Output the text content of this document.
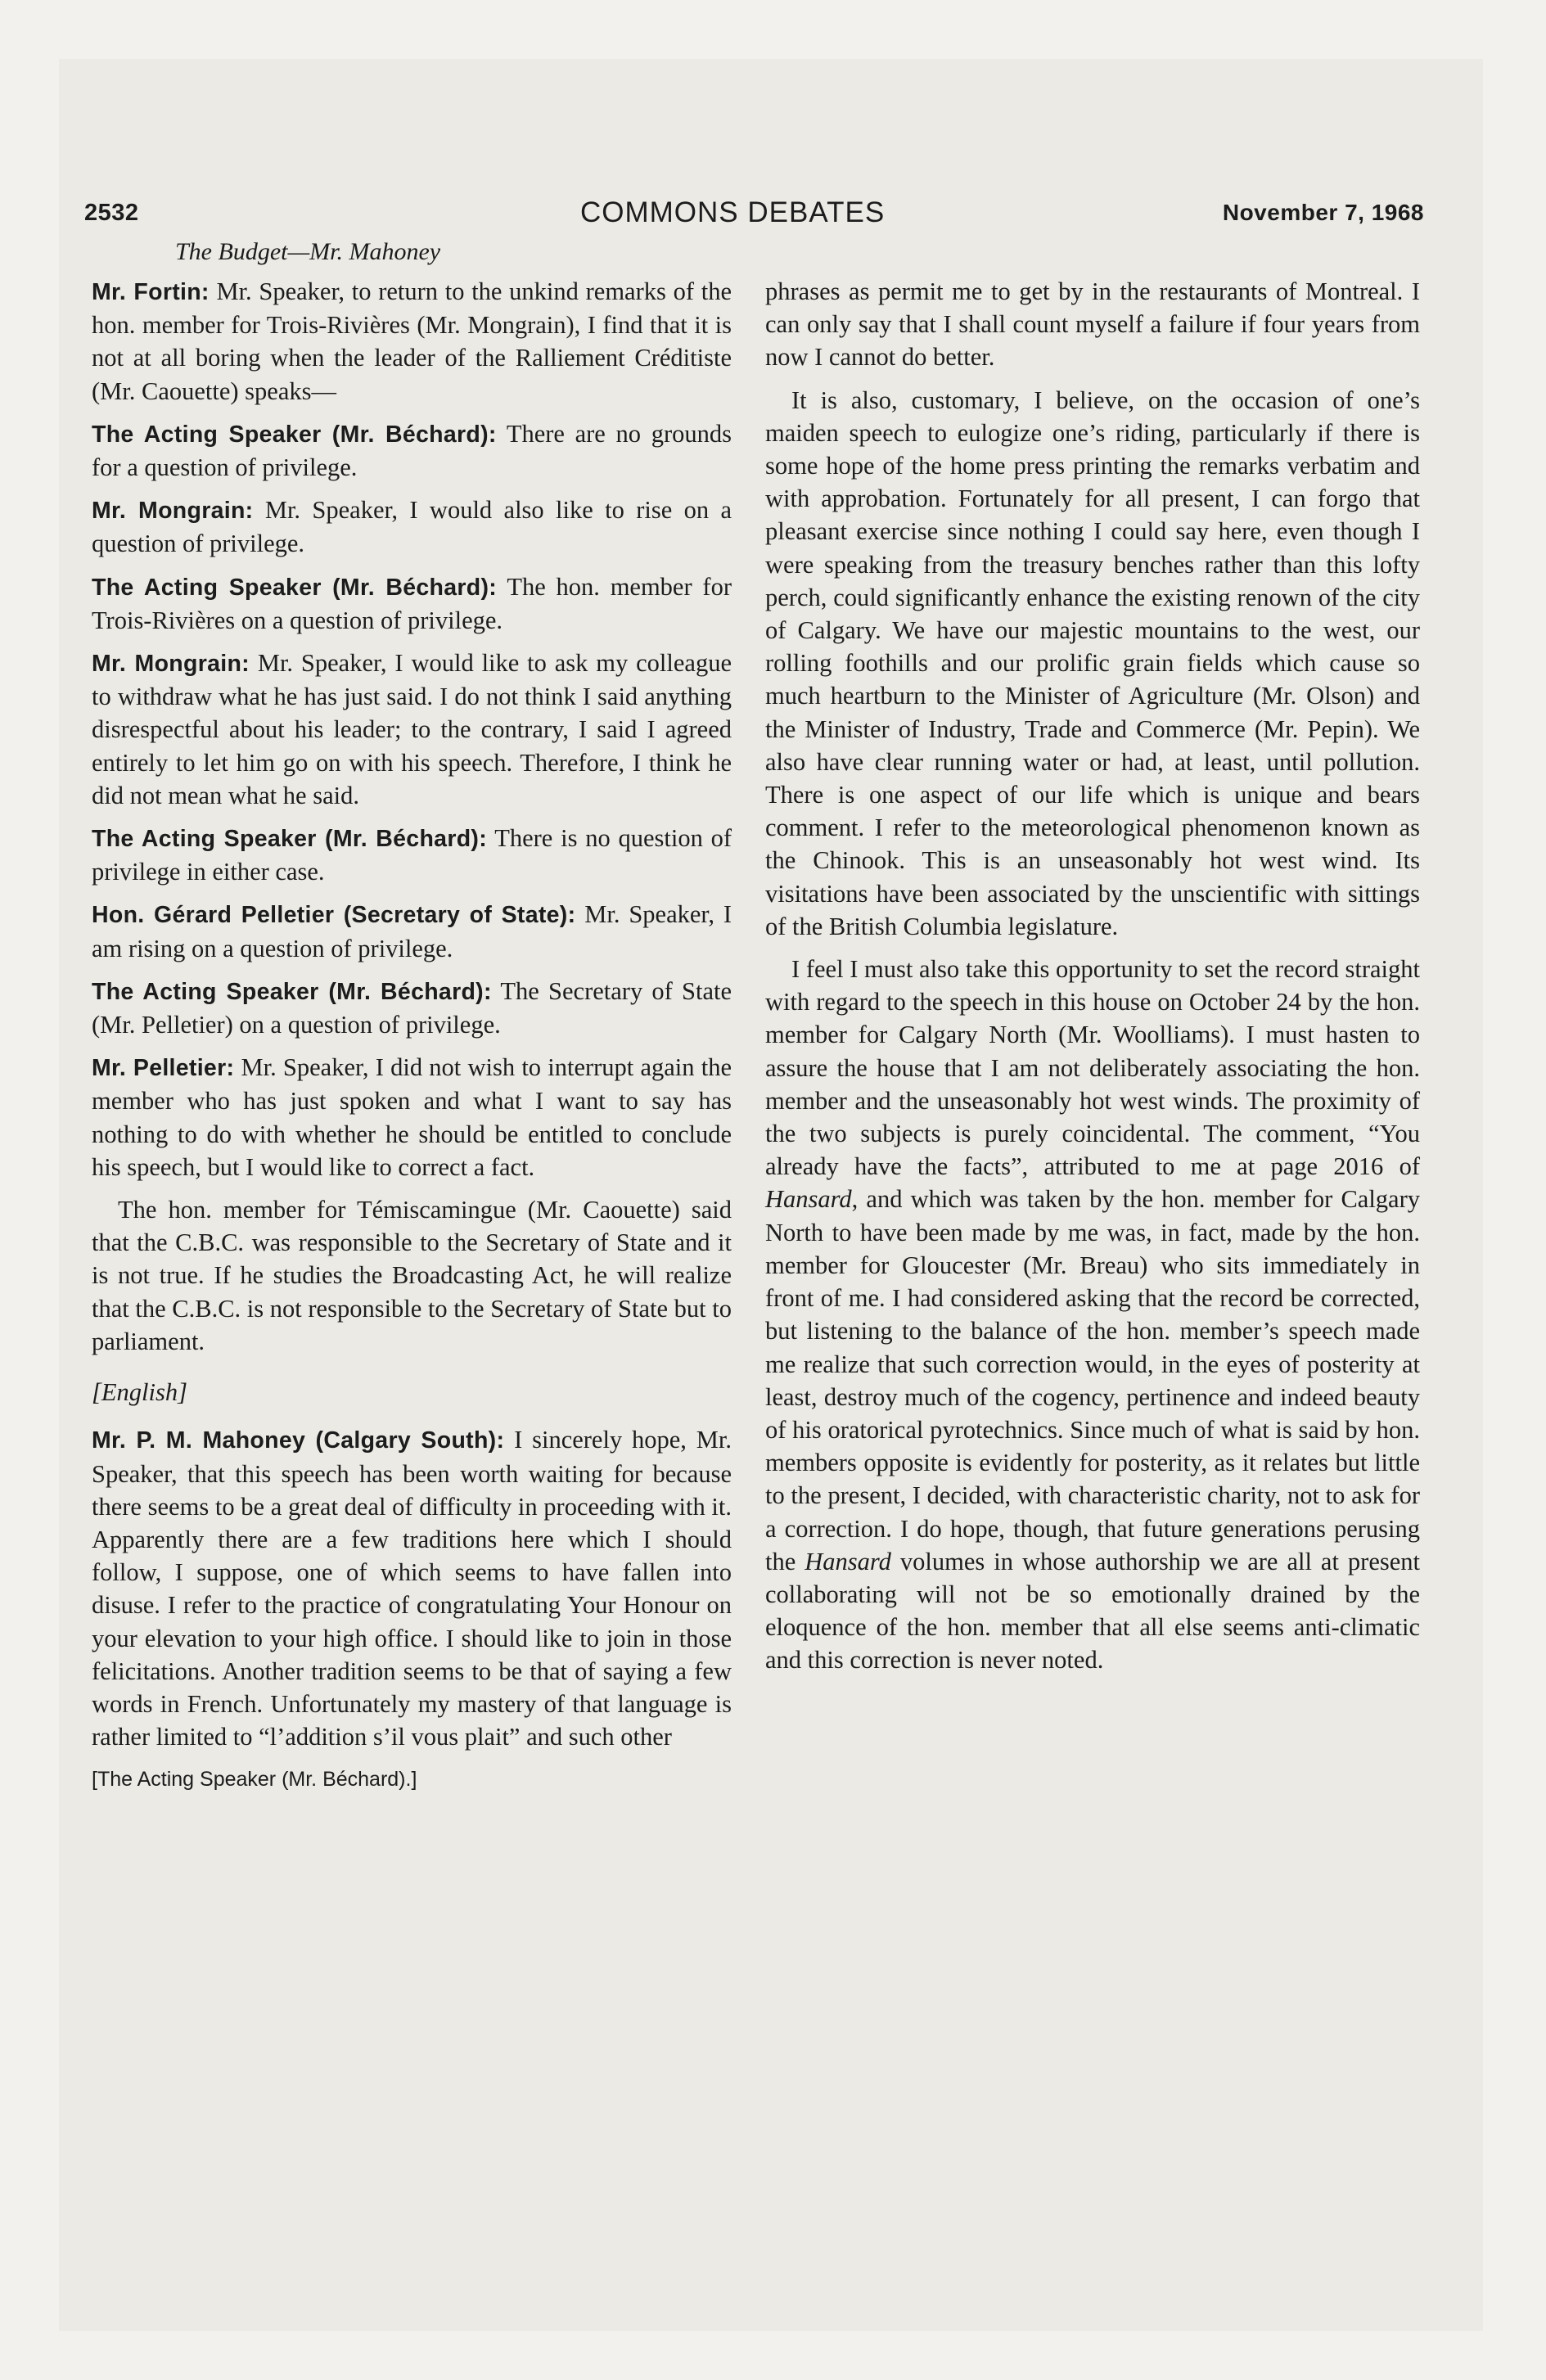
2532	COMMONS DEBATES	November 7, 1968
The Budget—Mr. Mahoney

Mr. Fortin: Mr. Speaker, to return to the unkind remarks of the hon. member for Trois-Rivières (Mr. Mongrain), I find that it is not at all boring when the leader of the Ralliement Créditiste (Mr. Caouette) speaks—

The Acting Speaker (Mr. Béchard): There are no grounds for a question of privilege.

Mr. Mongrain: Mr. Speaker, I would also like to rise on a question of privilege.

The Acting Speaker (Mr. Béchard): The hon. member for Trois-Rivières on a question of privilege.

Mr. Mongrain: Mr. Speaker, I would like to ask my colleague to withdraw what he has just said. I do not think I said anything disrespectful about his leader; to the contrary, I said I agreed entirely to let him go on with his speech. Therefore, I think he did not mean what he said.

The Acting Speaker (Mr. Béchard): There is no question of privilege in either case.

Hon. Gérard Pelletier (Secretary of State): Mr. Speaker, I am rising on a question of privilege.

The Acting Speaker (Mr. Béchard): The Secretary of State (Mr. Pelletier) on a question of privilege.

Mr. Pelletier: Mr. Speaker, I did not wish to interrupt again the member who has just spoken and what I want to say has nothing to do with whether he should be entitled to conclude his speech, but I would like to correct a fact.

The hon. member for Témiscamingue (Mr. Caouette) said that the C.B.C. was responsible to the Secretary of State and it is not true. If he studies the Broadcasting Act, he will realize that the C.B.C. is not responsible to the Secretary of State but to parliament.

[English]

Mr. P. M. Mahoney (Calgary South): I sincerely hope, Mr. Speaker, that this speech has been worth waiting for because there seems to be a great deal of difficulty in proceeding with it. Apparently there are a few traditions here which I should follow, I suppose, one of which seems to have fallen into disuse. I refer to the practice of congratulating Your Honour on your elevation to your high office. I should like to join in those felicitations. Another tradition seems to be that of saying a few words in French. Unfortunately my mastery of that language is rather limited to “l’addition s’il vous plait” and such other

[The Acting Speaker (Mr. Béchard).]

phrases as permit me to get by in the restaurants of Montreal. I can only say that I shall count myself a failure if four years from now I cannot do better.

It is also, customary, I believe, on the occasion of one’s maiden speech to eulogize one’s riding, particularly if there is some hope of the home press printing the remarks verbatim and with approbation. Fortunately for all present, I can forgo that pleasant exercise since nothing I could say here, even though I were speaking from the treasury benches rather than this lofty perch, could significantly enhance the existing renown of the city of Calgary. We have our majestic mountains to the west, our rolling foothills and our prolific grain fields which cause so much heartburn to the Minister of Agriculture (Mr. Olson) and the Minister of Industry, Trade and Commerce (Mr. Pepin). We also have clear running water or had, at least, until pollution. There is one aspect of our life which is unique and bears comment. I refer to the meteorological phenomenon known as the Chinook. This is an unseasonably hot west wind. Its visitations have been associated by the unscientific with sittings of the British Columbia legislature.

I feel I must also take this opportunity to set the record straight with regard to the speech in this house on October 24 by the hon. member for Calgary North (Mr. Woolliams). I must hasten to assure the house that I am not deliberately associating the hon. member and the unseasonably hot west winds. The proximity of the two subjects is purely coincidental. The comment, “You already have the facts”, attributed to me at page 2016 of Hansard, and which was taken by the hon. member for Calgary North to have been made by me was, in fact, made by the hon. member for Gloucester (Mr. Breau) who sits immediately in front of me. I had considered asking that the record be corrected, but listening to the balance of the hon. member’s speech made me realize that such correction would, in the eyes of posterity at least, destroy much of the cogency, pertinence and indeed beauty of his oratorical pyrotechnics. Since much of what is said by hon. members opposite is evidently for posterity, as it relates but little to the present, I decided, with characteristic charity, not to ask for a correction. I do hope, though, that future generations perusing the Hansard volumes in whose authorship we are all at present collaborating will not be so emotionally drained by the eloquence of the hon. member that all else seems anti-climatic and this correction is never noted.
